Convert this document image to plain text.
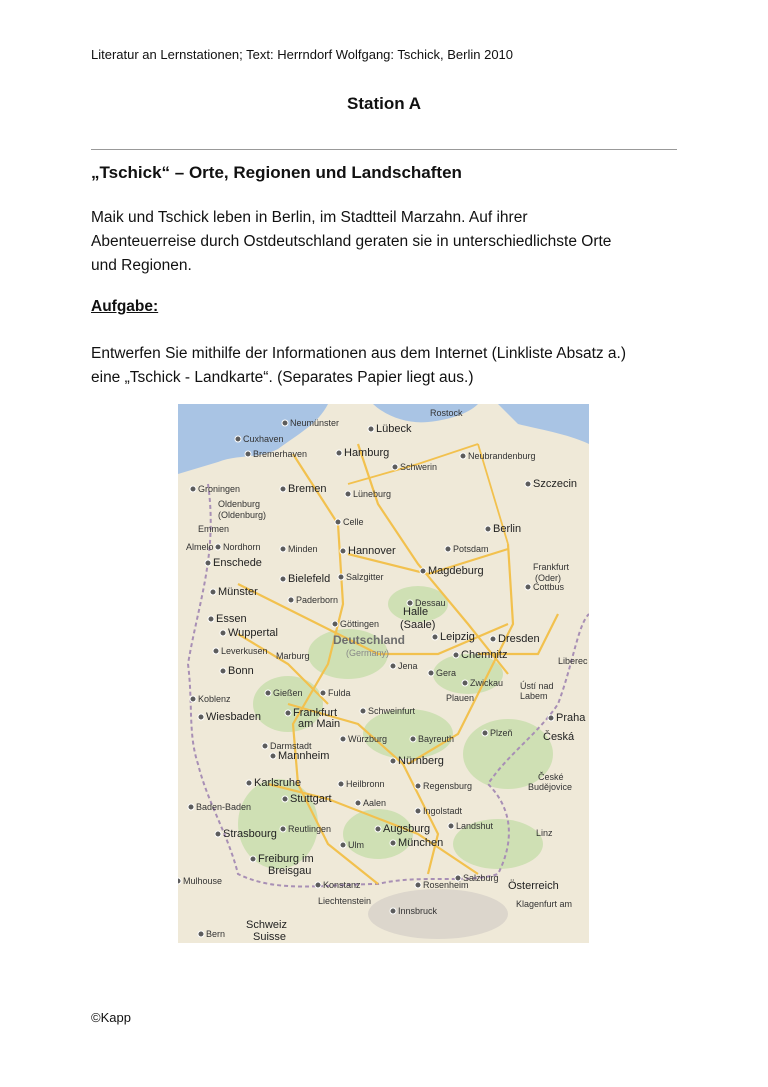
Literatur an Lernstationen; Text: Herrndorf Wolfgang: Tschick, Berlin 2010
Station A
„Tschick“ – Orte, Regionen und Landschaften
Maik und Tschick leben in Berlin, im Stadtteil Marzahn. Auf ihrer
Abenteuerreise durch Ostdeutschland geraten sie in unterschiedlichste Orte
und Regionen.
Aufgabe:
Entwerfen Sie mithilfe der Informationen aus dem Internet (Linkliste Absatz a.)
eine „Tschick - Landkarte“. (Separates Papier liegt aus.)
Rostock
Neumünster	Lübeck
Cuxhaven
Bremerhaven	Hamburg
Schwerin
Neubrandenburg
Szczecin
Groningen	Bremen
Oldenburg
(Oldenburg)
Lüneburg
Emmen
Celle
Berlin
Almelo Nordhorn	Minden	Hannover	Potsdam
Enschede
Bielefeld Salzgitter	Magdeburg	Frankfurt
(Oder)
Münster	Cottbus
Paderborn	Dessau
Halle
(Saale)
Essen	Göttingen
Wuppertal	Leipzig Dresden
Leverkusen Marburg
Jena
Chemnitz
Gera
Liberec
Bonn
Zwickau Ústí nad
Labem
Koblenz
Gießen	Fulda	Plauen
Wiesbaden	Frankfurt
am Main
Schweinfurt
Praha
Darmstadt
Würzburg	Bayreuth
Plzeň	Česká
Mannheim	Nürnberg
Karlsruhe	Heilbronn	Regensburg
České
Budějovice
Baden-Baden
Stuttgart	Aalen
Ingolstadt
Strasbourg Reutlingen	Augsburg	Landshut
Ulm	München
Linz
Freiburg im
Breisgau
Salzburg
Mulhouse	Konstanz	Rosenheim	Österreich
Liechtenstein
Innsbruck
Schweiz
Suisse
Bern
Klagenfurt am
Deutschland
(Germany)
©Kapp
